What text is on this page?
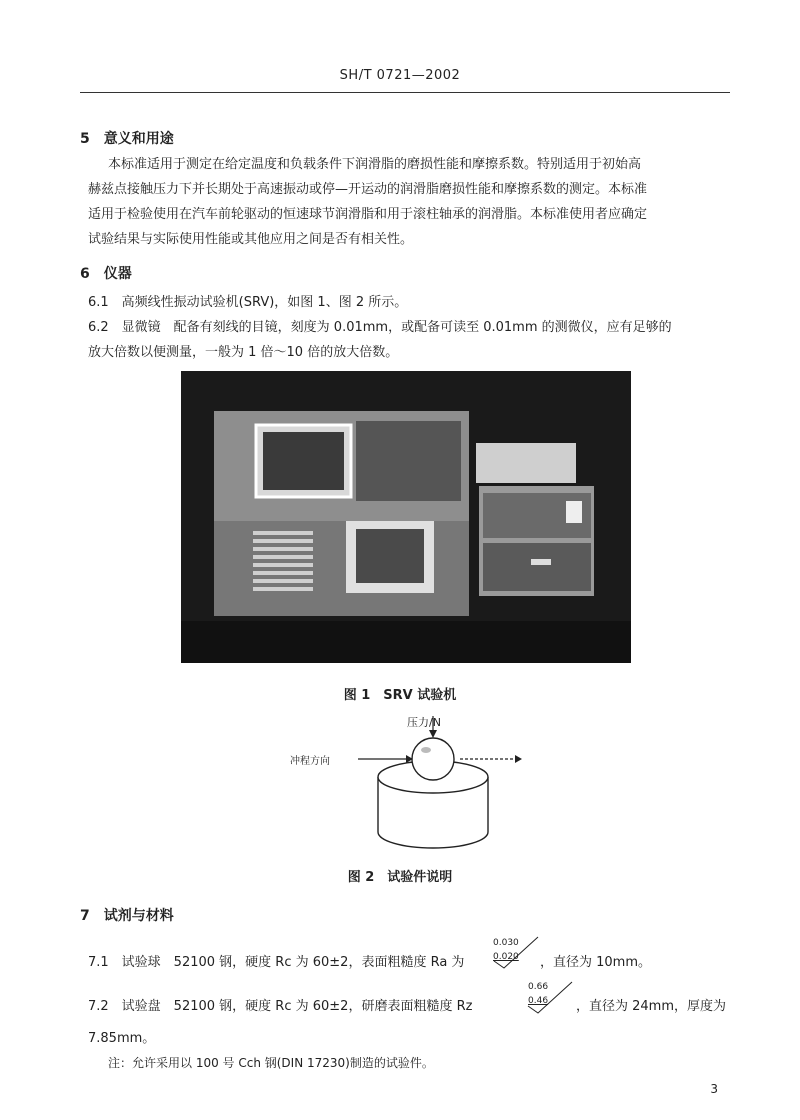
SH/T 0721—2002
5　意义和用途
本标准适用于测定在给定温度和负载条件下润滑脂的磨损性能和摩擦系数。特别适用于初始高
赫兹点接触压力下并长期处于高速振动或停—开运动的润滑脂磨损性能和摩擦系数的测定。本标准
适用于检验使用在汽车前轮驱动的恒速球节润滑脂和用于滚柱轴承的润滑脂。本标准使用者应确定
试验结果与实际使用性能或其他应用之间是否有相关性。
6　仪器
6.1　高频线性振动试验机(SRV)，如图 1、图 2 所示。
6.2　显微镜　配备有刻线的目镜，刻度为 0.01mm，或配备可读至 0.01mm 的测微仪，应有足够的
放大倍数以便测量，一般为 1 倍～10 倍的放大倍数。
图 1　SRV 试验机
压力/N
冲程方向
图 2　试验件说明
7　试剂与材料
7.1　试验球　52100 钢，硬度 Rc 为 60±2，表面粗糙度 Ra 为
0.030
0.020 ，直径为 10mm。
7.2　试验盘　52100 钢，硬度 Rc 为 60±2，研磨表面粗糙度 Rz
0.66
0.46 ，直径为 24mm，厚度为
7.85mm。
注：允许采用以 100 号 Cch 钢(DIN 17230)制造的试验件。
3
